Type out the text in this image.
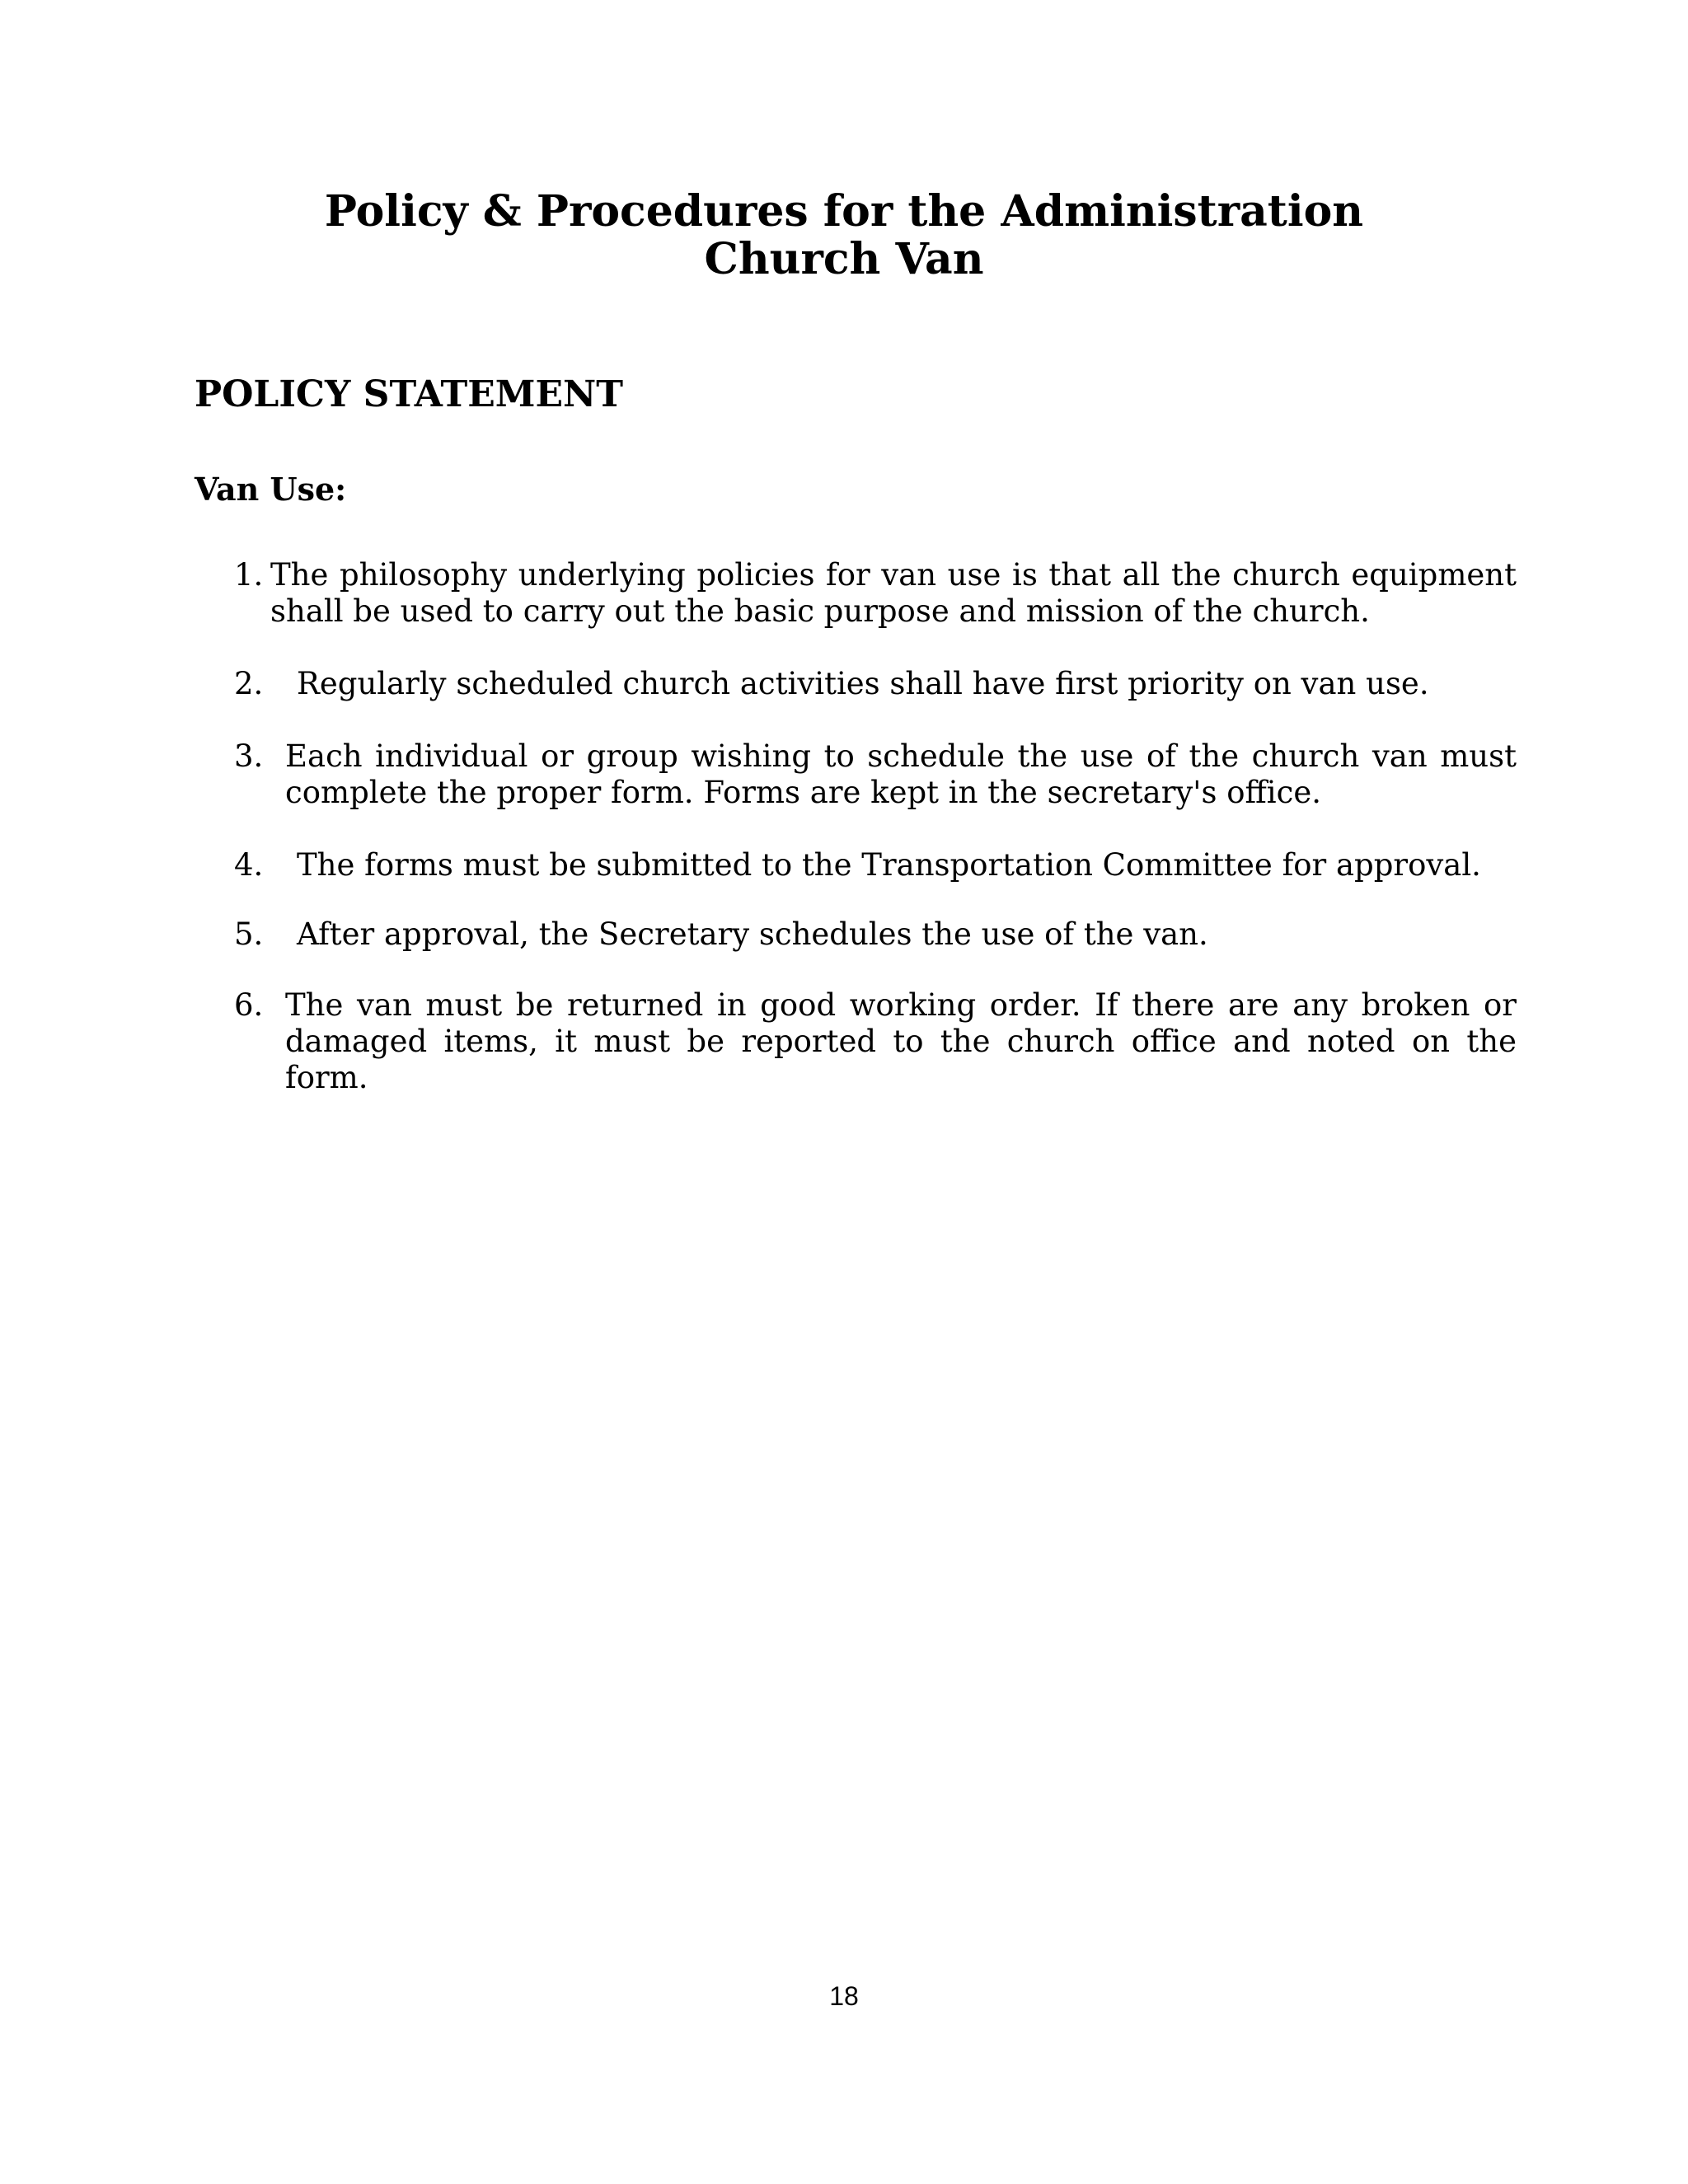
Policy & Procedures for the Administration
Church Van
POLICY STATEMENT
Van Use:
1. The philosophy underlying policies for van use is that all the church equipment shall be used to carry out the basic purpose and mission of the church.
2.	Regularly scheduled church activities shall have first priority on van use.
3. Each individual or group wishing to schedule the use of the church van must complete the proper form. Forms are kept in the secretary's office.
4.	The forms must be submitted to the Transportation Committee for approval.
5.	After approval, the Secretary schedules the use of the van.
6. The van must be returned in good working order. If there are any broken or damaged items, it must be reported to the church office and noted on the form.
18
